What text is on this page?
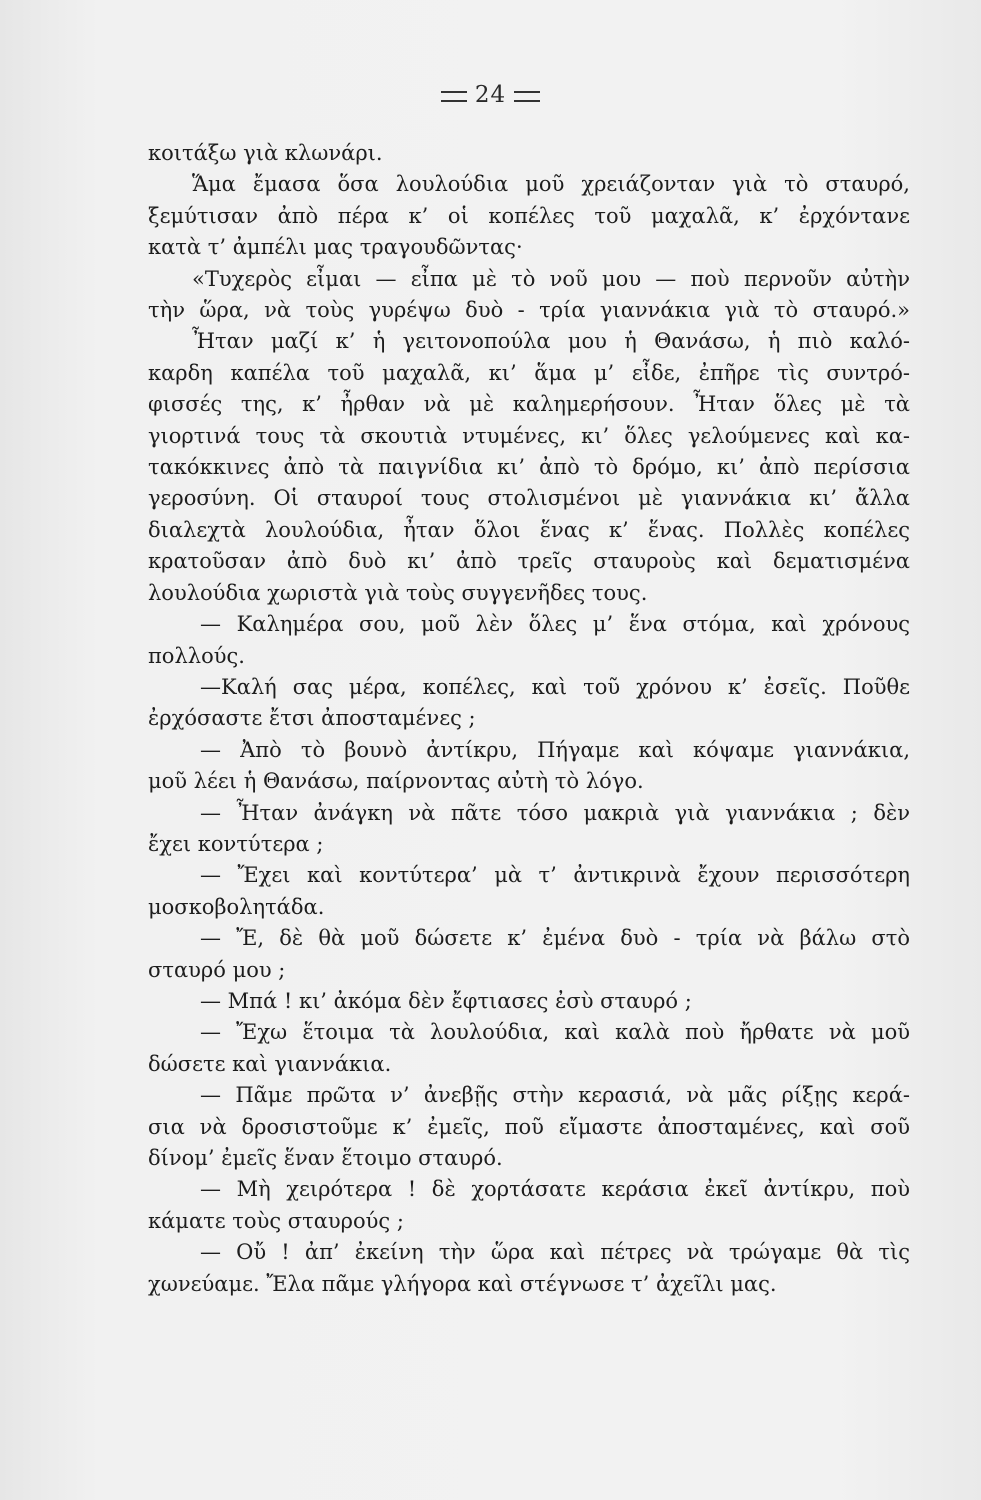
24
κοιτάξω γιὰ κλωνάρι.
Ἅμα ἔμασα ὅσα λουλούδια μοῦ χρειάζονταν γιὰ τὸ σταυρό,
ξεμύτισαν ἀπὸ πέρα κ’ οἱ κοπέλες τοῦ μαχαλᾶ, κ’ ἐρχόντανε
κατὰ τ’ ἀμπέλι μας τραγουδῶντας·
«Τυχερὸς εἶμαι — εἶπα μὲ τὸ νοῦ μου — ποὺ περνοῦν αὐτὴν
τὴν ὥρα, νὰ τοὺς γυρέψω δυὸ - τρία γιαννάκια γιὰ τὸ σταυρό.»
Ἦταν μαζί κ’ ἡ γειτονοπούλα μου ἡ Θανάσω, ἡ πιὸ καλό-
καρδη καπέλα τοῦ μαχαλᾶ, κι’ ἅμα μ’ εἶδε, ἐπῆρε τὶς συντρό-
φισσές της, κ’ ἦρθαν νὰ μὲ καλημερήσουν. Ἦταν ὅλες μὲ τὰ
γιορτινά τους τὰ σκουτιὰ ντυμένες, κι’ ὅλες γελούμενες καὶ κα-
τακόκκινες ἀπὸ τὰ παιγνίδια κι’ ἀπὸ τὸ δρόμο, κι’ ἀπὸ περίσσια
γεροσύνη. Οἱ σταυροί τους στολισμένοι μὲ γιαννάκια κι’ ἄλλα
διαλεχτὰ λουλούδια, ἦταν ὅλοι ἕνας κ’ ἕνας. Πολλὲς κοπέλες
κρατοῦσαν ἀπὸ δυὸ κι’ ἀπὸ τρεῖς σταυροὺς καὶ δεματισμένα
λουλούδια χωριστὰ γιὰ τοὺς συγγενῆδες τους.
— Καλημέρα σου, μοῦ λὲν ὅλες μ’ ἕνα στόμα, καὶ χρόνους
πολλούς.
—Καλή σας μέρα, κοπέλες, καὶ τοῦ χρόνου κ’ ἐσεῖς. Ποῦθε
ἐρχόσαστε ἔτσι ἀποσταμένες ;
— Ἀπὸ τὸ βουνὸ ἀντίκρυ, Πήγαμε καὶ κόψαμε γιαννάκια,
μοῦ λέει ἡ Θανάσω, παίρνοντας αὐτὴ τὸ λόγο.
— Ἦταν ἀνάγκη νὰ πᾶτε τόσο μακριὰ γιὰ γιαννάκια ; δὲν
ἔχει κοντύτερα ;
— Ἔχει καὶ κοντύτερα’ μὰ τ’ ἀντικρινὰ ἔχουν περισσότερη
μοσκοβολητάδα.
— Ἔ, δὲ θὰ μοῦ δώσετε κ’ ἐμένα δυὸ - τρία νὰ βάλω στὸ
σταυρό μου ;
— Μπά ! κι’ ἀκόμα δὲν ἔφτιασες ἐσὺ σταυρό ;
— Ἔχω ἕτοιμα τὰ λουλούδια, καὶ καλὰ ποὺ ἤρθατε νὰ μοῦ
δώσετε καὶ γιαννάκια.
— Πᾶμε πρῶτα ν’ ἀνεβῇς στὴν κερασιά, νὰ μᾶς ρίξῃς κερά-
σια νὰ δροσιστοῦμε κ’ ἐμεῖς, ποῦ εἴμαστε ἀποσταμένες, καὶ σοῦ
δίνομ’ ἐμεῖς ἕναν ἕτοιμο σταυρό.
— Μὴ χειρότερα ! δὲ χορτάσατε κεράσια ἐκεῖ ἀντίκρυ, ποὺ
κάματε τοὺς σταυρούς ;
— Οὔ ! ἀπ’ ἐκείνη τὴν ὥρα καὶ πέτρες νὰ τρώγαμε θὰ τὶς
χωνεύαμε. Ἔλα πᾶμε γλήγορα καὶ στέγνωσε τ’ ἀχεῖλι μας.
